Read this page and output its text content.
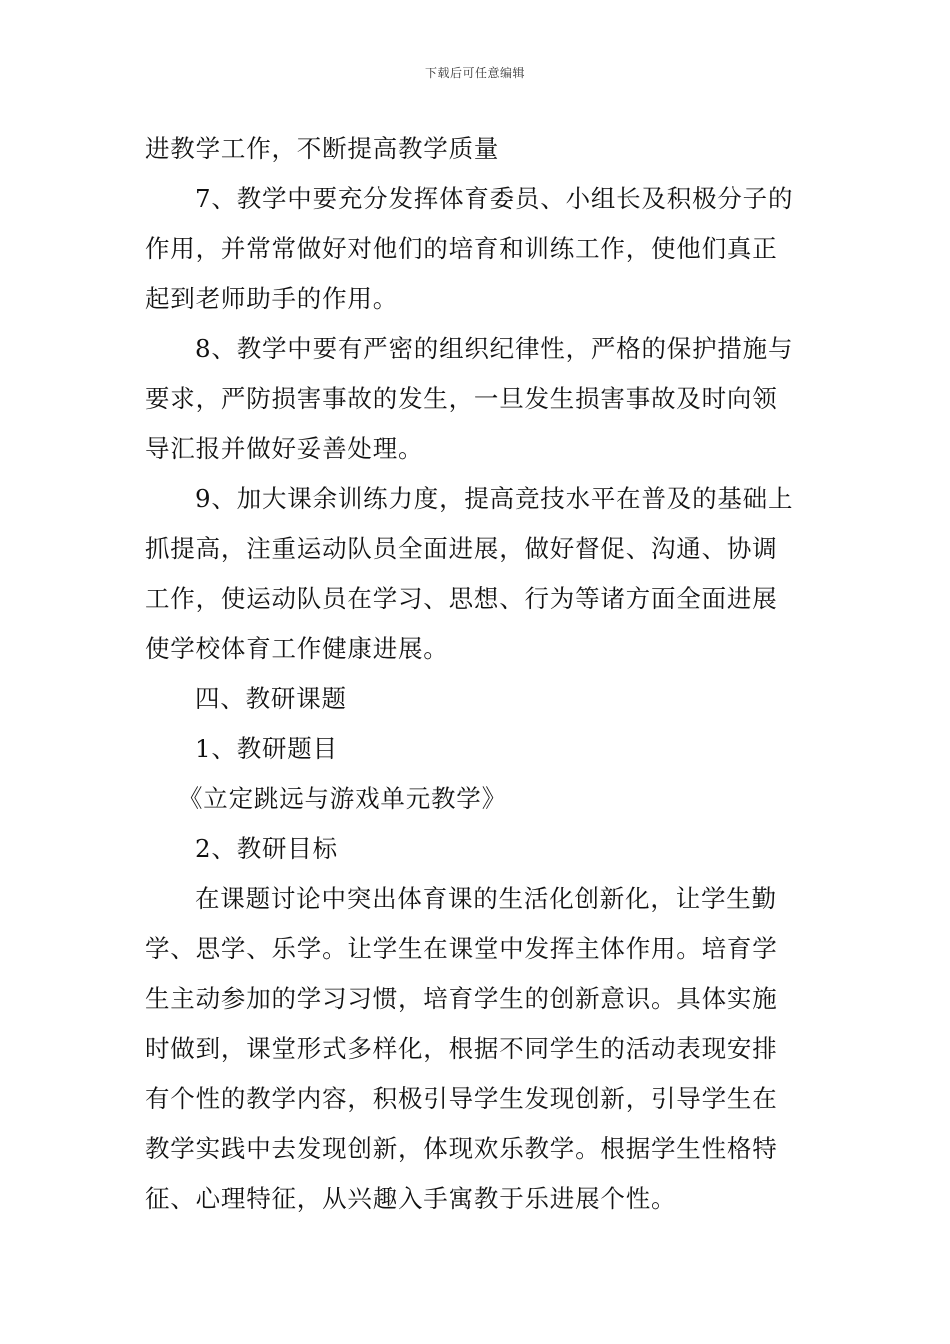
下载后可任意编辑
进教学工作，不断提高教学质量
7、教学中要充分发挥体育委员、小组长及积极分子的
作用，并常常做好对他们的培育和训练工作，使他们真正
起到老师助手的作用。
8、教学中要有严密的组织纪律性，严格的保护措施与
要求，严防损害事故的发生，一旦发生损害事故及时向领
导汇报并做好妥善处理。
9、加大课余训练力度，提高竞技水平在普及的基础上
抓提高，注重运动队员全面进展，做好督促、沟通、协调
工作，使运动队员在学习、思想、行为等诸方面全面进展
使学校体育工作健康进展。
四、教研课题
1、教研题目
《立定跳远与游戏单元教学》
2、教研目标
在课题讨论中突出体育课的生活化创新化，让学生勤
学、思学、乐学。让学生在课堂中发挥主体作用。培育学
生主动参加的学习习惯，培育学生的创新意识。具体实施
时做到，课堂形式多样化，根据不同学生的活动表现安排
有个性的教学内容，积极引导学生发现创新，引导学生在
教学实践中去发现创新，体现欢乐教学。根据学生性格特
征、心理特征，从兴趣入手寓教于乐进展个性。
